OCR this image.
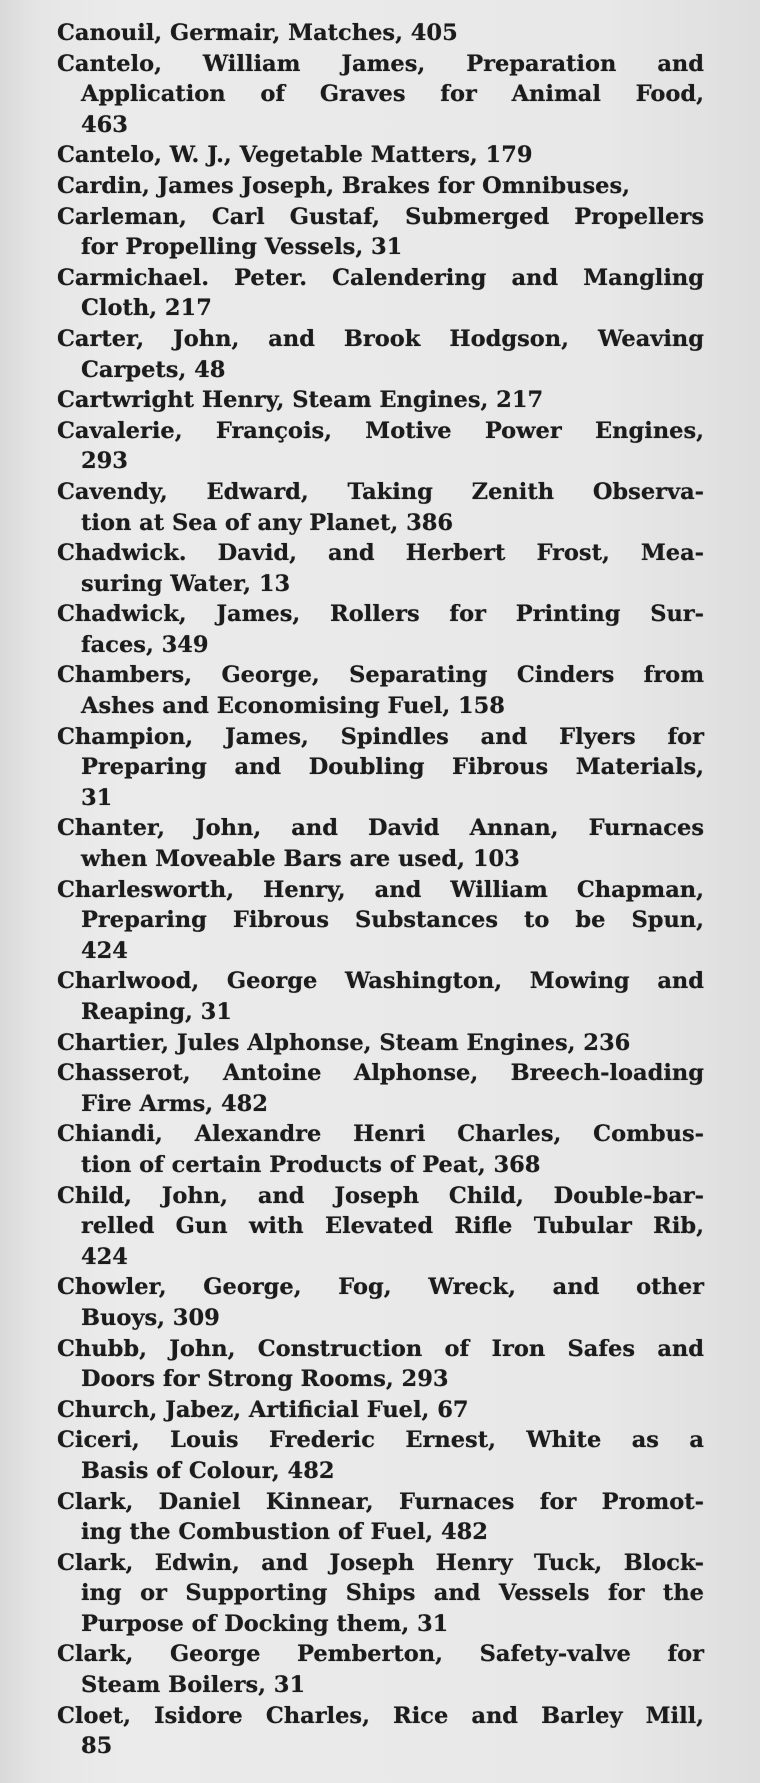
Canouil, Germair, Matches, 405
Cantelo, William James, Preparation and
Application of Graves for Animal Food,
463
Cantelo, W. J., Vegetable Matters, 179
Cardin, James Joseph, Brakes for Omnibuses,
Carleman, Carl Gustaf, Submerged Propellers
for Propelling Vessels, 31
Carmichael. Peter. Calendering and Mangling
Cloth, 217
Carter, John, and Brook Hodgson, Weaving
Carpets, 48
Cartwright Henry, Steam Engines, 217
Cavalerie, François, Motive Power Engines,
293
Cavendy, Edward, Taking Zenith Observa-
tion at Sea of any Planet, 386
Chadwick. David, and Herbert Frost, Mea-
suring Water, 13
Chadwick, James, Rollers for Printing Sur-
faces, 349
Chambers, George, Separating Cinders from
Ashes and Economising Fuel, 158
Champion, James, Spindles and Flyers for
Preparing and Doubling Fibrous Materials,
31
Chanter, John, and David Annan, Furnaces
when Moveable Bars are used, 103
Charlesworth, Henry, and William Chapman,
Preparing Fibrous Substances to be Spun,
424
Charlwood, George Washington, Mowing and
Reaping, 31
Chartier, Jules Alphonse, Steam Engines, 236
Chasserot, Antoine Alphonse, Breech-loading
Fire Arms, 482
Chiandi, Alexandre Henri Charles, Combus-
tion of certain Products of Peat, 368
Child, John, and Joseph Child, Double-bar-
relled Gun with Elevated Rifle Tubular Rib,
424
Chowler, George, Fog, Wreck, and other
Buoys, 309
Chubb, John, Construction of Iron Safes and
Doors for Strong Rooms, 293
Church, Jabez, Artificial Fuel, 67
Ciceri, Louis Frederic Ernest, White as a
Basis of Colour, 482
Clark, Daniel Kinnear, Furnaces for Promot-
ing the Combustion of Fuel, 482
Clark, Edwin, and Joseph Henry Tuck, Block-
ing or Supporting Ships and Vessels for the
Purpose of Docking them, 31
Clark, George Pemberton, Safety-valve for
Steam Boilers, 31
Cloet, Isidore Charles, Rice and Barley Mill,
85
